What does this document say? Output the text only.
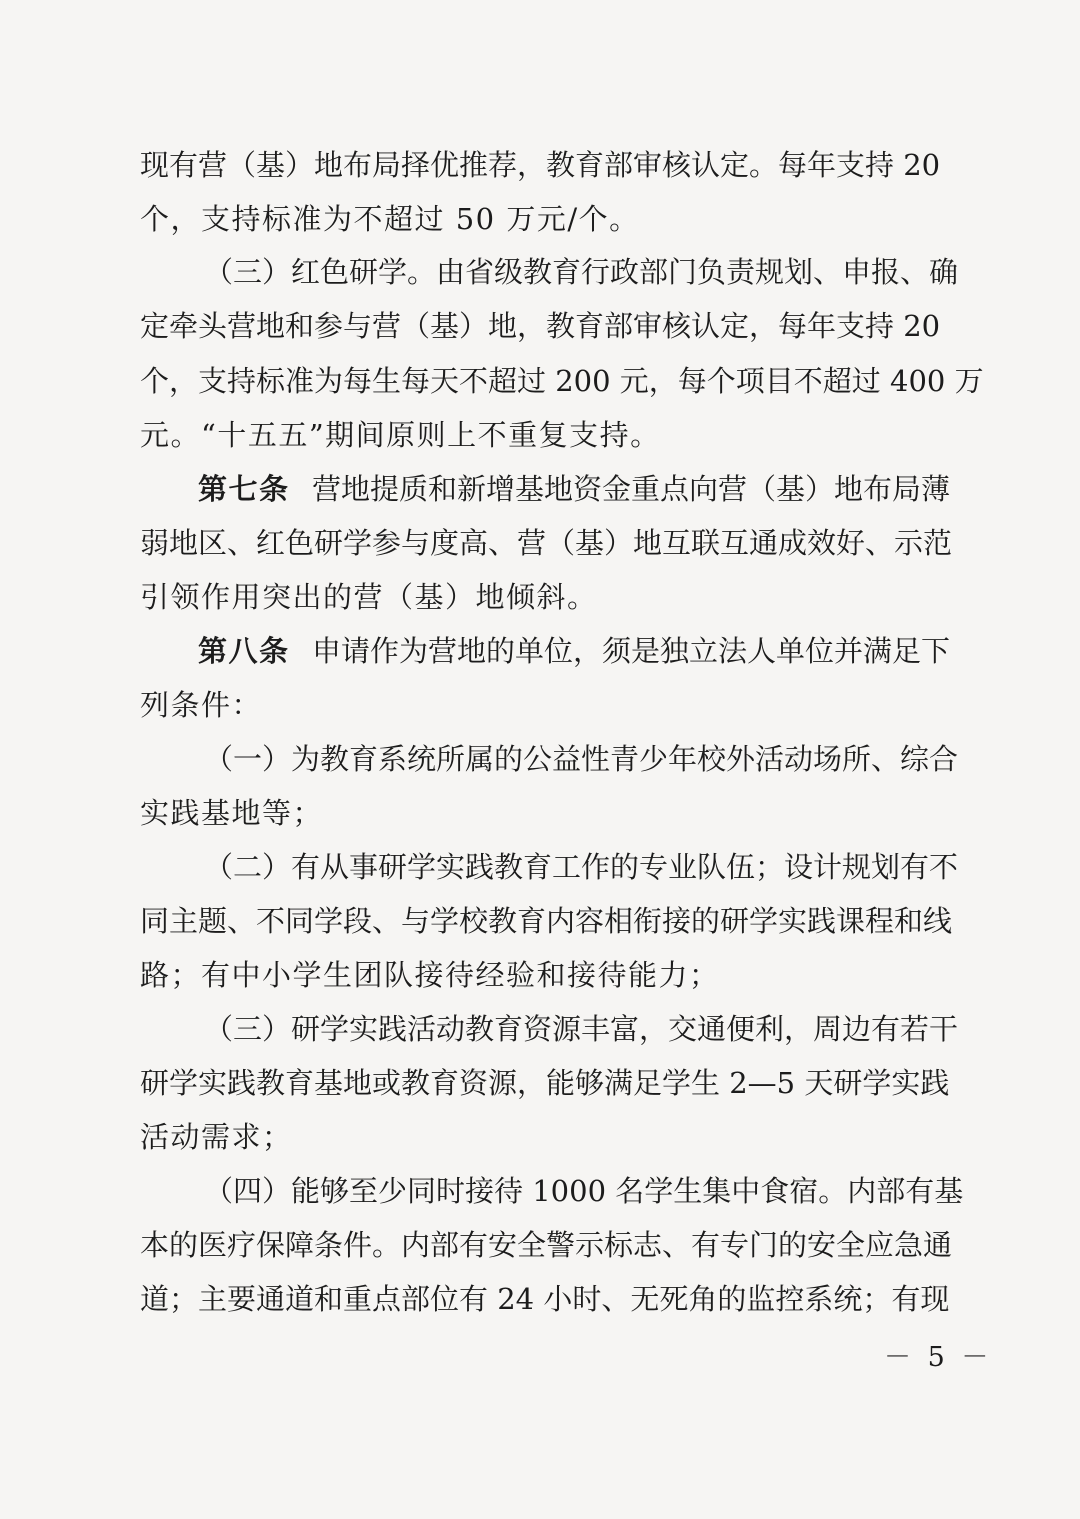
现有营（基）地布局择优推荐，教育部审核认定。每年支持 20
个，支持标准为不超过 50 万元/个。
（三）红色研学。由省级教育行政部门负责规划、申报、确
定牵头营地和参与营（基）地，教育部审核认定，每年支持 20
个，支持标准为每生每天不超过 200 元，每个项目不超过 400 万
元。“十五五”期间原则上不重复支持。
第七条 营地提质和新增基地资金重点向营（基）地布局薄
弱地区、红色研学参与度高、营（基）地互联互通成效好、示范
引领作用突出的营（基）地倾斜。
第八条 申请作为营地的单位，须是独立法人单位并满足下
列条件：
（一）为教育系统所属的公益性青少年校外活动场所、综合
实践基地等；
（二）有从事研学实践教育工作的专业队伍；设计规划有不
同主题、不同学段、与学校教育内容相衔接的研学实践课程和线
路；有中小学生团队接待经验和接待能力；
（三）研学实践活动教育资源丰富，交通便利，周边有若干
研学实践教育基地或教育资源，能够满足学生 2—5 天研学实践
活动需求；
（四）能够至少同时接待 1000 名学生集中食宿。内部有基
本的医疗保障条件。内部有安全警示标志、有专门的安全应急通
道；主要通道和重点部位有 24 小时、无死角的监控系统；有现
－ 5 －
